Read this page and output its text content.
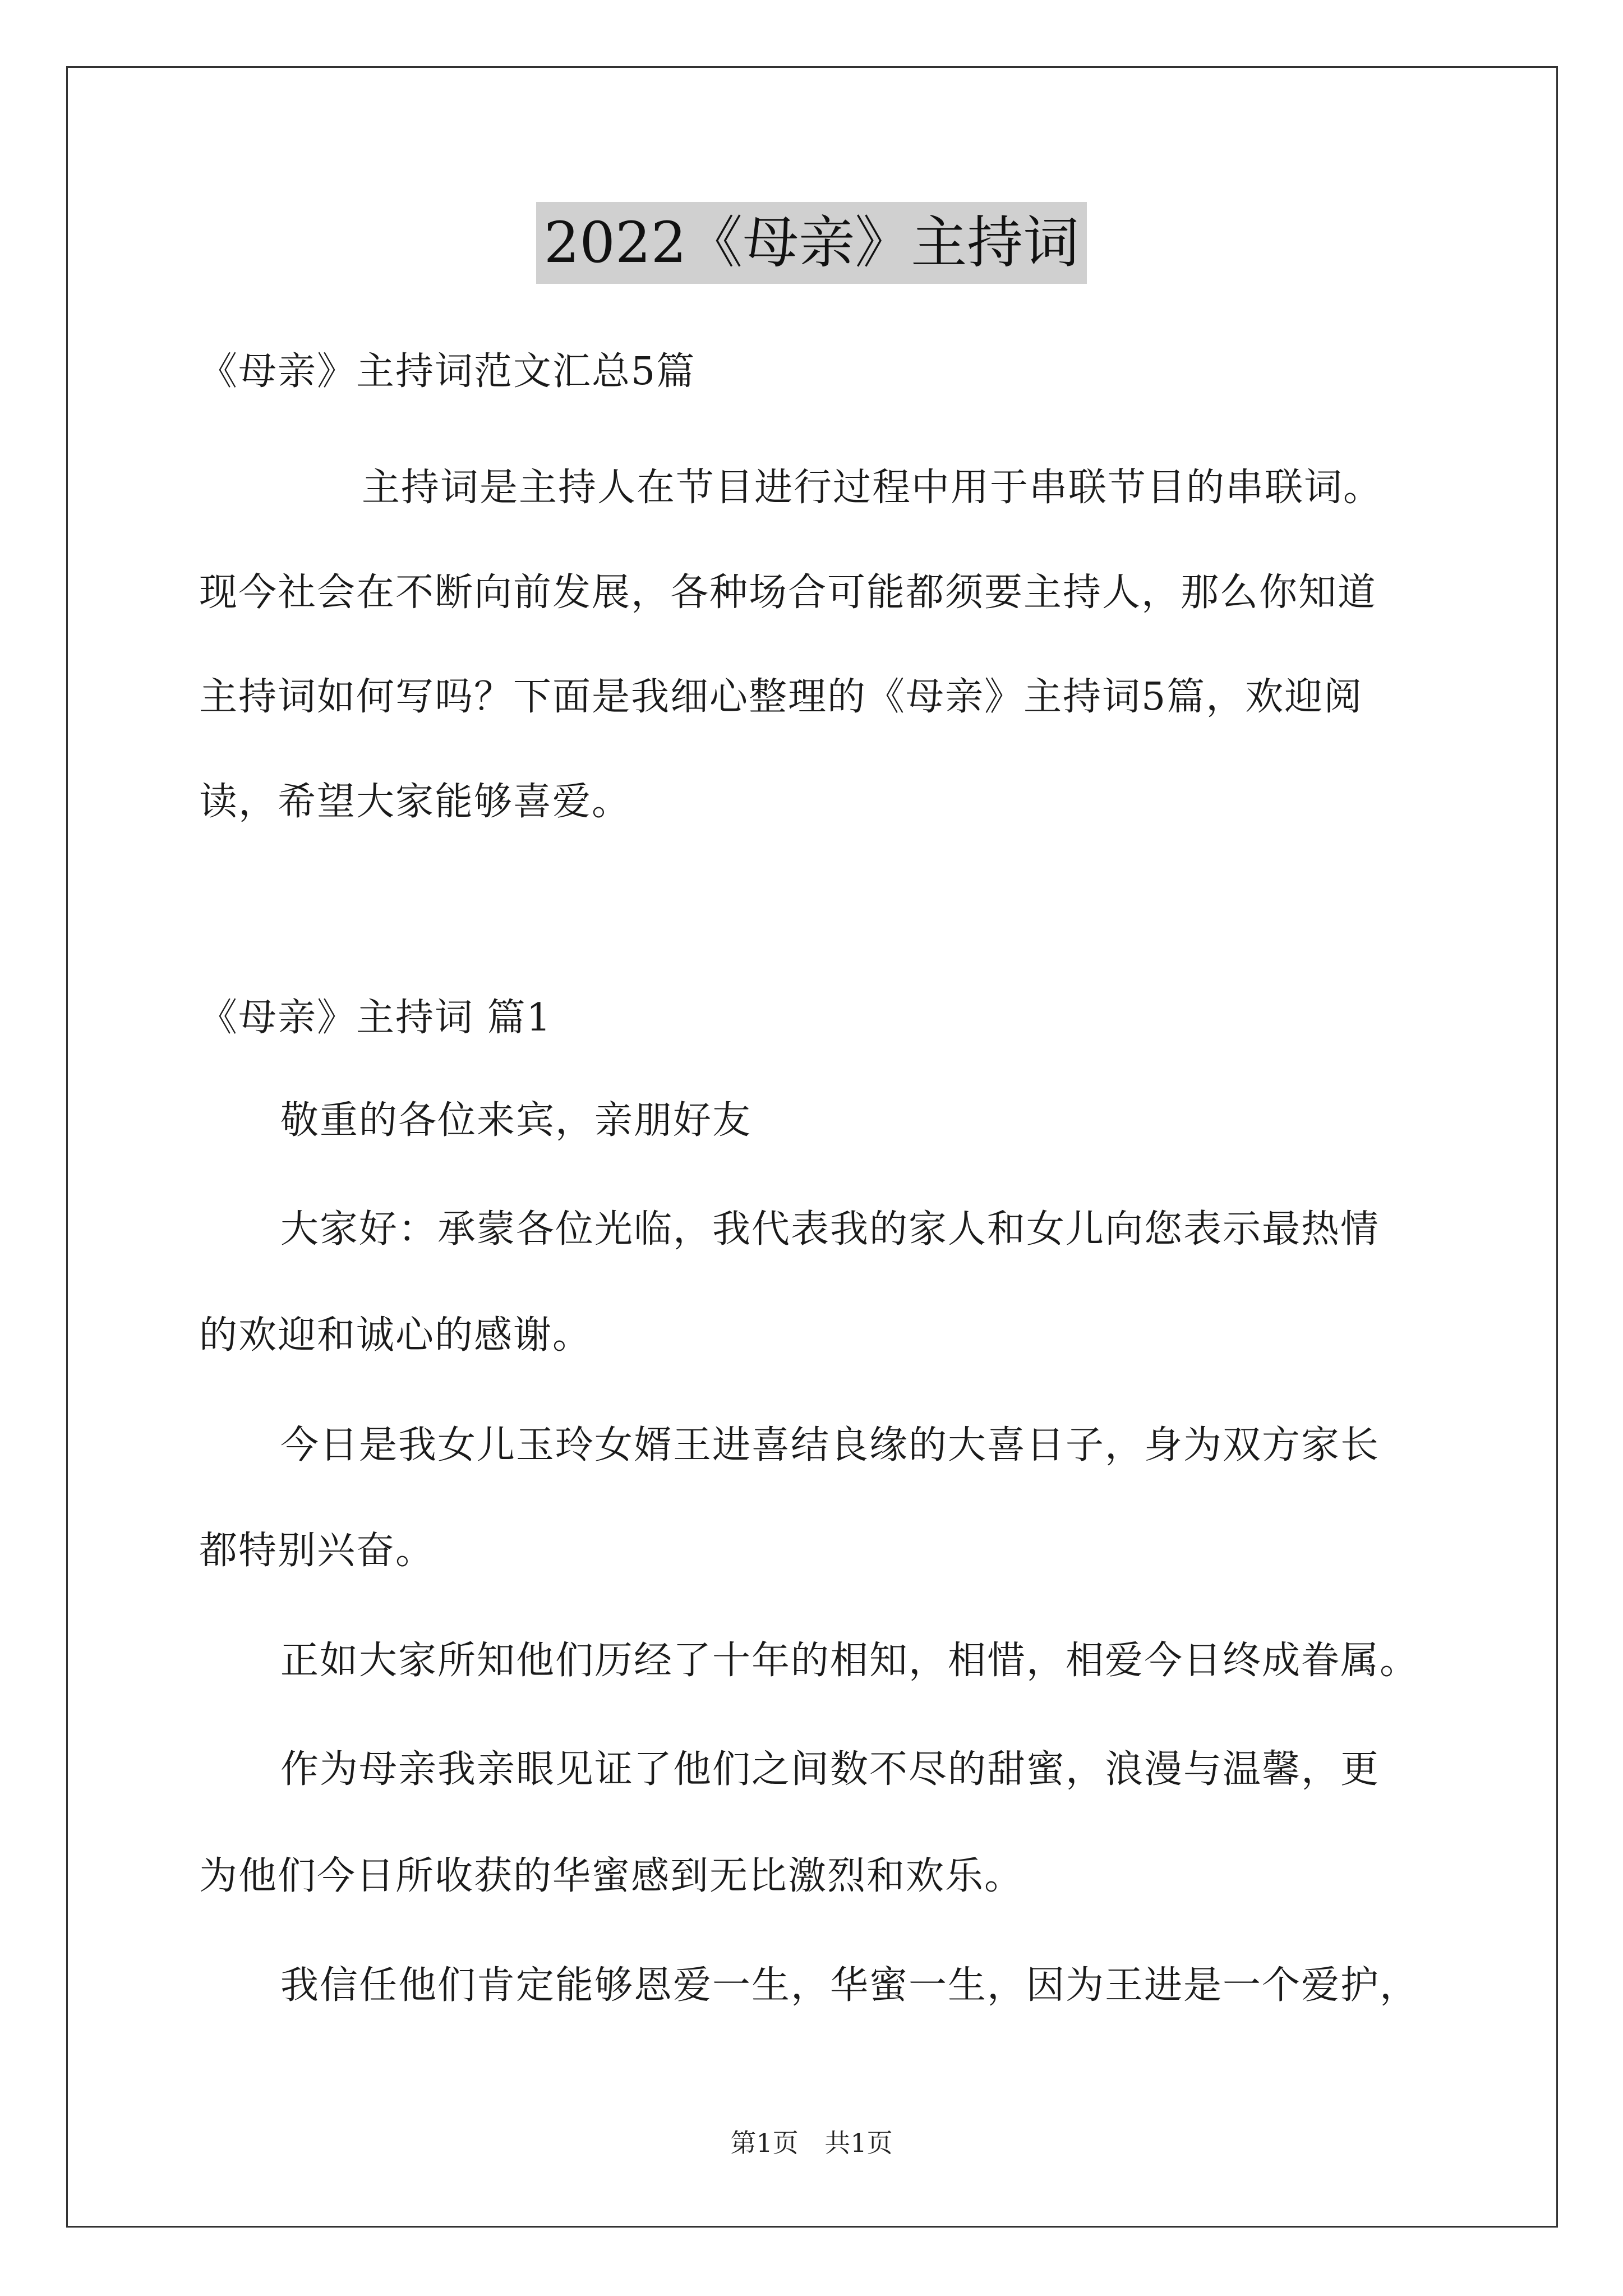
2022《母亲》主持词
《母亲》主持词范文汇总5篇
主持词是主持人在节目进行过程中用于串联节目的串联词。
现今社会在不断向前发展，各种场合可能都须要主持人，那么你知道
主持词如何写吗？下面是我细心整理的《母亲》主持词5篇，欢迎阅
读，希望大家能够喜爱。
《母亲》主持词 篇1
敬重的各位来宾，亲朋好友
大家好：承蒙各位光临，我代表我的家人和女儿向您表示最热情
的欢迎和诚心的感谢。
今日是我女儿玉玲女婿王进喜结良缘的大喜日子，身为双方家长
都特别兴奋。
正如大家所知他们历经了十年的相知，相惜，相爱今日终成眷属。
作为母亲我亲眼见证了他们之间数不尽的甜蜜，浪漫与温馨，更
为他们今日所收获的华蜜感到无比激烈和欢乐。
我信任他们肯定能够恩爱一生，华蜜一生，因为王进是一个爱护，
第1页 共1页
